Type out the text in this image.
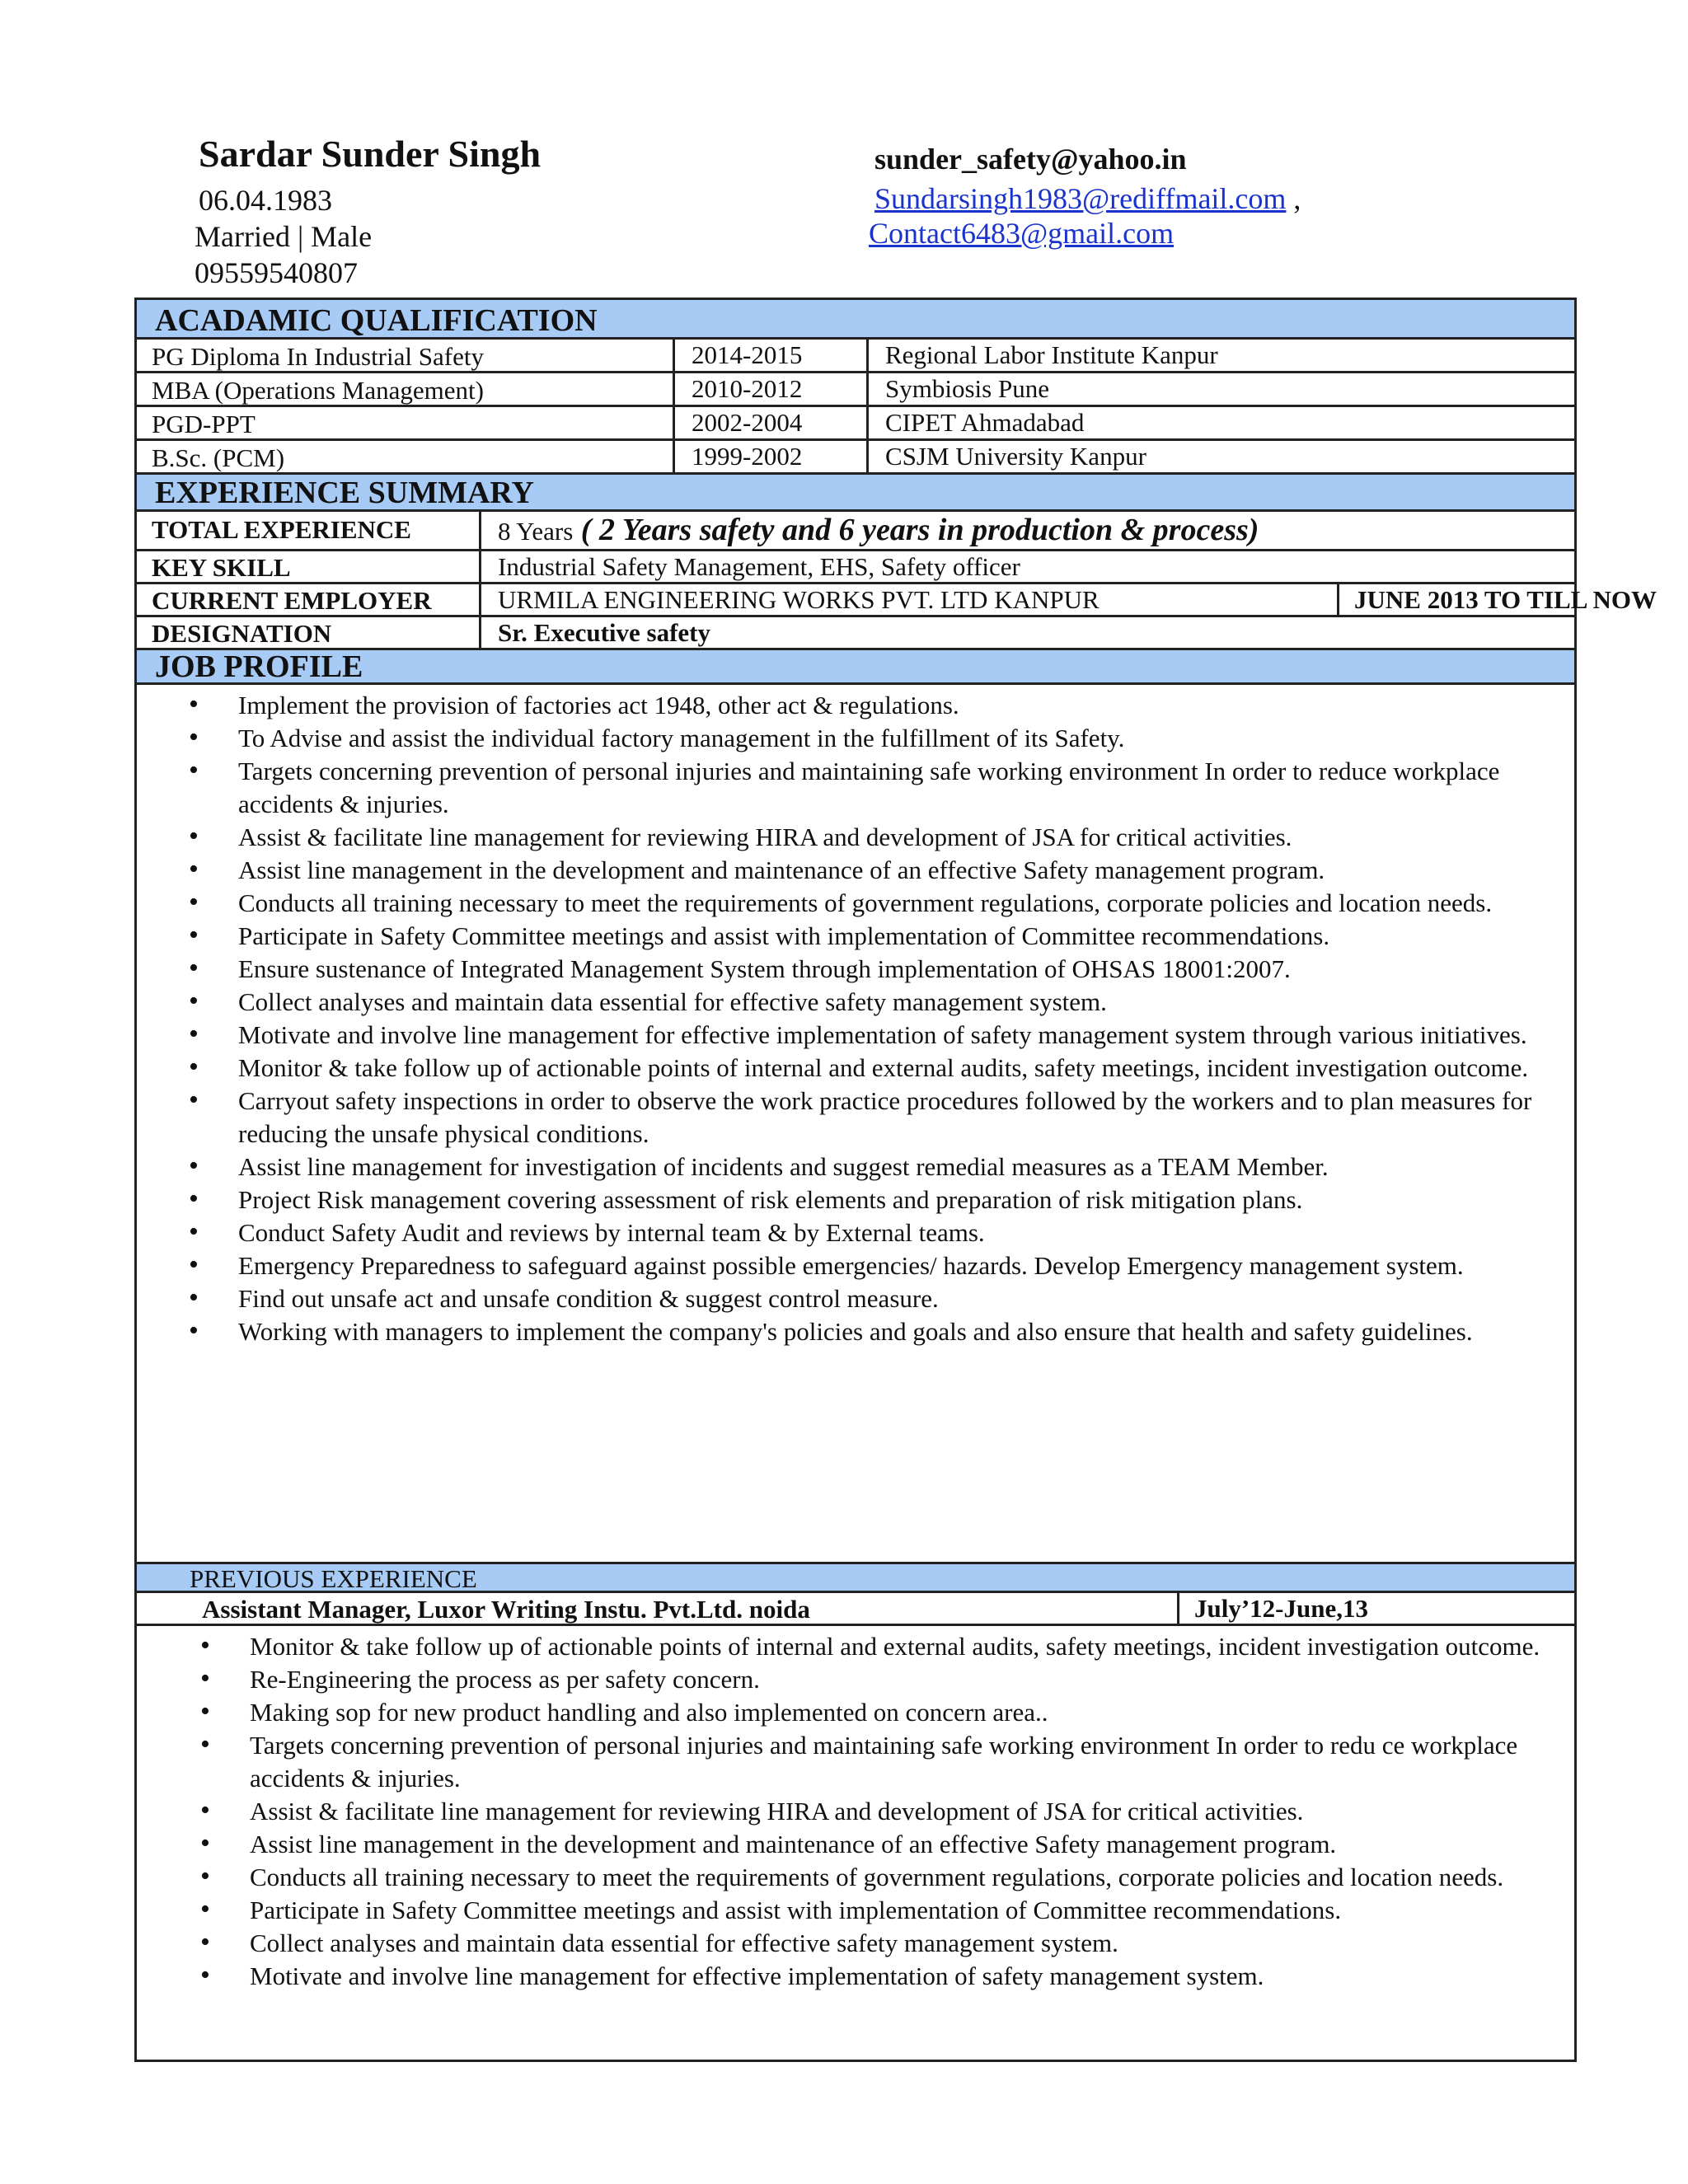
Sardar Sunder Singh
06.04.1983
Married | Male
09559540807
sunder_safety@yahoo.in
Sundarsingh1983@rediffmail.com ,
Contact6483@gmail.com
ACADAMIC QUALIFICATION
PG Diploma In Industrial Safety	2014-2015	Regional Labor Institute Kanpur
MBA (Operations Management)	2010-2012	Symbiosis Pune
PGD-PPT	2002-2004	CIPET Ahmadabad
B.Sc. (PCM)	1999-2002	CSJM University Kanpur
EXPERIENCE SUMMARY
TOTAL EXPERIENCE	8 Years ( 2 Years safety and 6 years in production & process)
KEY SKILL	Industrial Safety Management, EHS, Safety officer
CURRENT EMPLOYER	URMILA ENGINEERING WORKS PVT. LTD KANPUR	JUNE 2013 TO TILL NOW
DESIGNATION	Sr. Executive safety
JOB PROFILE
• Implement the provision of factories act 1948, other act & regulations.
• To Advise and assist the individual factory management in the fulfillment of its Safety.
• Targets concerning prevention of personal injuries and maintaining safe working environment In order to reduce workplace accidents & injuries.
• Assist & facilitate line management for reviewing HIRA and development of JSA for critical activities.
• Assist line management in the development and maintenance of an effective Safety management program.
• Conducts all training necessary to meet the requirements of government regulations, corporate policies and location needs.
• Participate in Safety Committee meetings and assist with implementation of Committee recommendations.
• Ensure sustenance of Integrated Management System through implementation of OHSAS 18001:2007.
• Collect analyses and maintain data essential for effective safety management system.
• Motivate and involve line management for effective implementation of safety management system through various initiatives.
• Monitor & take follow up of actionable points of internal and external audits, safety meetings, incident investigation outcome.
• Carryout safety inspections in order to observe the work practice procedures followed by the workers and to plan measures for reducing the unsafe physical conditions.
• Assist line management for investigation of incidents and suggest remedial measures as a TEAM Member.
• Project Risk management covering assessment of risk elements and preparation of risk mitigation plans.
• Conduct Safety Audit and reviews by internal team & by External teams.
• Emergency Preparedness to safeguard against possible emergencies/ hazards. Develop Emergency management system.
• Find out unsafe act and unsafe condition & suggest control measure.
• Working with managers to implement the company's policies and goals and also ensure that health and safety guidelines.
PREVIOUS EXPERIENCE
Assistant Manager, Luxor Writing Instu. Pvt.Ltd. noida	July’12-June,13
• Monitor & take follow up of actionable points of internal and external audits, safety meetings, incident investigation outcome.
• Re-Engineering the process as per safety concern.
• Making sop for new product handling and also implemented on concern area..
• Targets concerning prevention of personal injuries and maintaining safe working environment In order to redu ce workplace accidents & injuries.
• Assist & facilitate line management for reviewing HIRA and development of JSA for critical activities.
• Assist line management in the development and maintenance of an effective Safety management program.
• Conducts all training necessary to meet the requirements of government regulations, corporate policies and location needs.
• Participate in Safety Committee meetings and assist with implementation of Committee recommendations.
• Collect analyses and maintain data essential for effective safety management system.
• Motivate and involve line management for effective implementation of safety management system.
